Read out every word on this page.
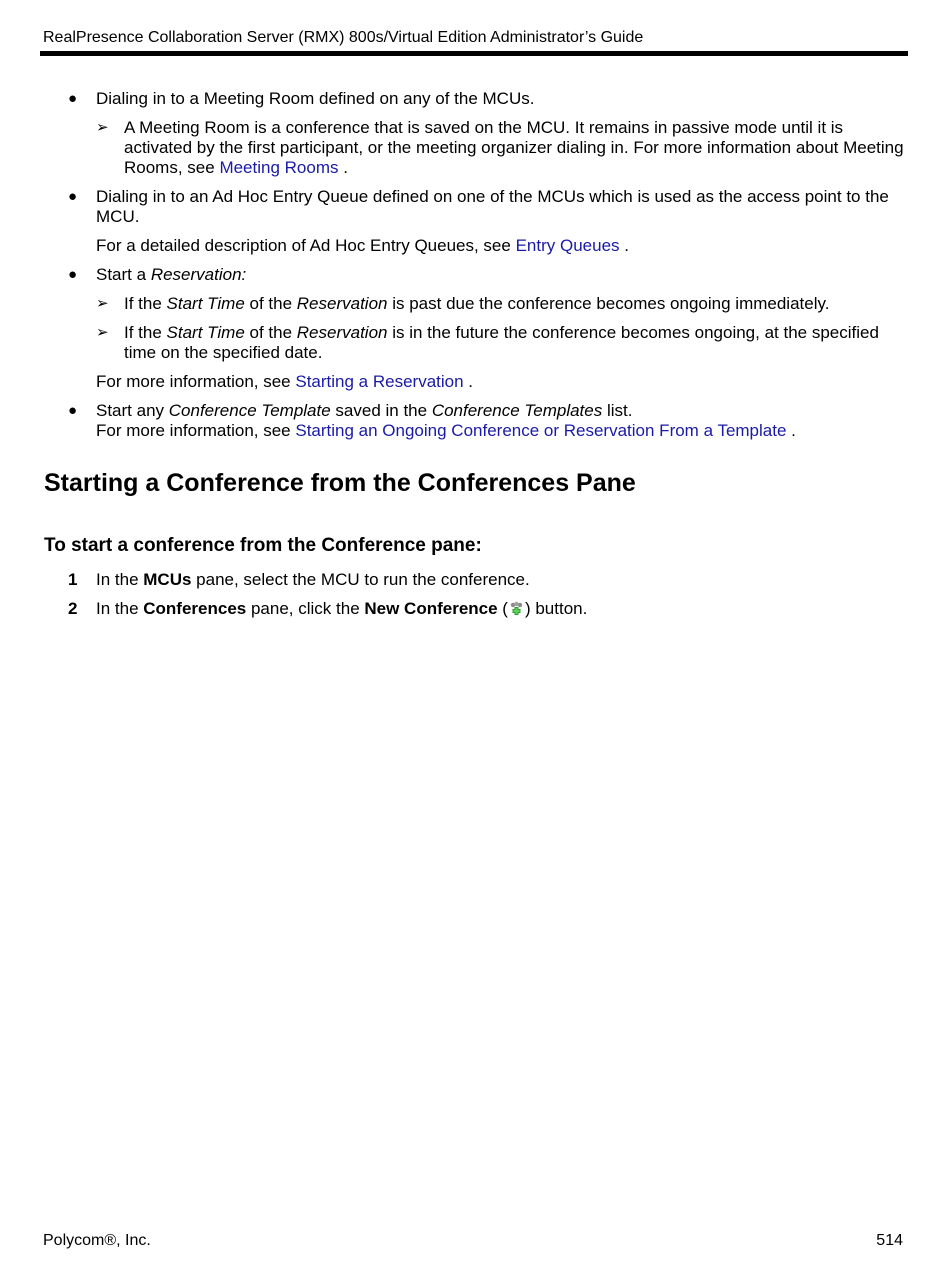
RealPresence Collaboration Server (RMX) 800s/Virtual Edition Administrator’s Guide
● Dialing in to a Meeting Room defined on any of the MCUs.
➢ A Meeting Room is a conference that is saved on the MCU. It remains in passive mode until it is activated by the first participant, or the meeting organizer dialing in. For more information about Meeting Rooms, see Meeting Rooms .
● Dialing in to an Ad Hoc Entry Queue defined on one of the MCUs which is used as the access point to the MCU.
For a detailed description of Ad Hoc Entry Queues, see Entry Queues .
● Start a Reservation:
➢ If the Start Time of the Reservation is past due the conference becomes ongoing immediately.
➢ If the Start Time of the Reservation is in the future the conference becomes ongoing, at the specified time on the specified date.
For more information, see Starting a Reservation .
● Start any Conference Template saved in the Conference Templates list.
For more information, see Starting an Ongoing Conference or Reservation From a Template .
Starting a Conference from the Conferences Pane
To start a conference from the Conference pane:
1 In the MCUs pane, select the MCU to run the conference.
2 In the Conferences pane, click the New Conference ( ) button.
Polycom®, Inc.	514
